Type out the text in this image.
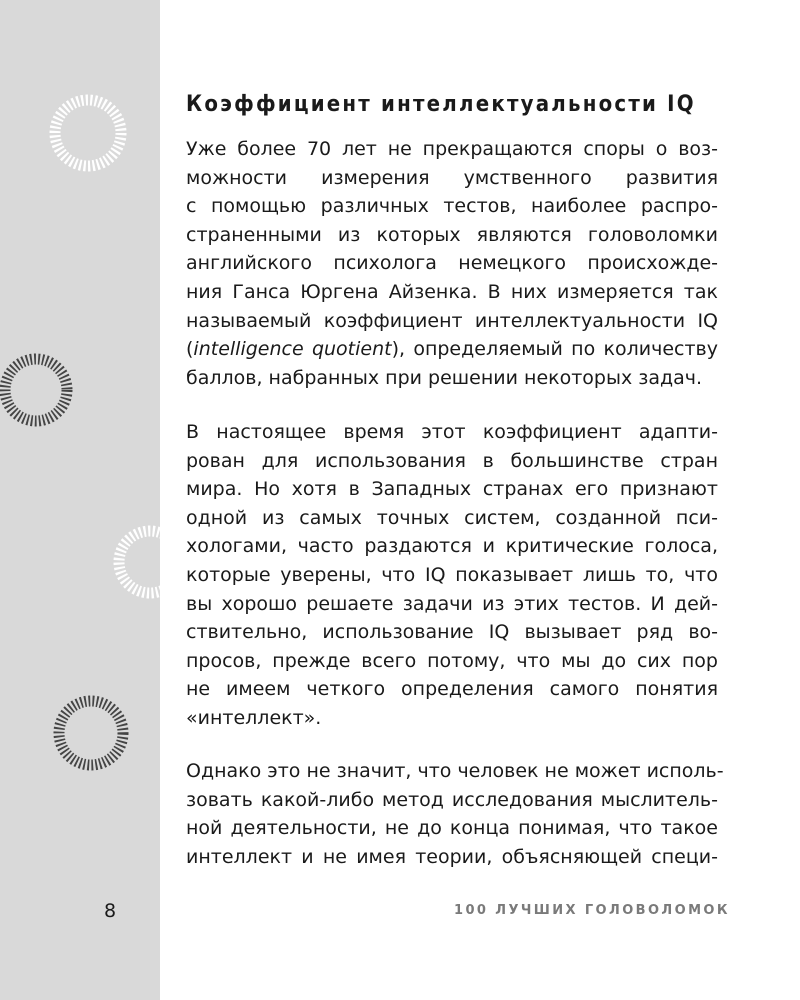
Коэффициент интеллектуальности IQ

Уже более 70 лет не прекращаются споры о воз-
можности измерения умственного развития
с помощью различных тестов, наиболее распро-
страненными из которых являются головоломки
английского психолога немецкого происхожде-
ния Ганса Юргена Айзенка. В них измеряется так
называемый коэффициент интеллектуальности IQ
(intelligence quotient), определяемый по количеству
баллов, набранных при решении некоторых задач.

В настоящее время этот коэффициент адапти-
рован для использования в большинстве стран
мира. Но хотя в Западных странах его признают
одной из самых точных систем, созданной пси-
хологами, часто раздаются и критические голоса,
которые уверены, что IQ показывает лишь то, что
вы хорошо решаете задачи из этих тестов. И дей-
ствительно, использование IQ вызывает ряд во-
просов, прежде всего потому, что мы до сих пор
не имеем четкого определения самого понятия
«интеллект».

Однако это не значит, что человек не может исполь-
зовать какой-либо метод исследования мыслитель-
ной деятельности, не до конца понимая, что такое
интеллект и не имея теории, объясняющей специ-

8	100 ЛУЧШИХ ГОЛОВОЛОМОК
